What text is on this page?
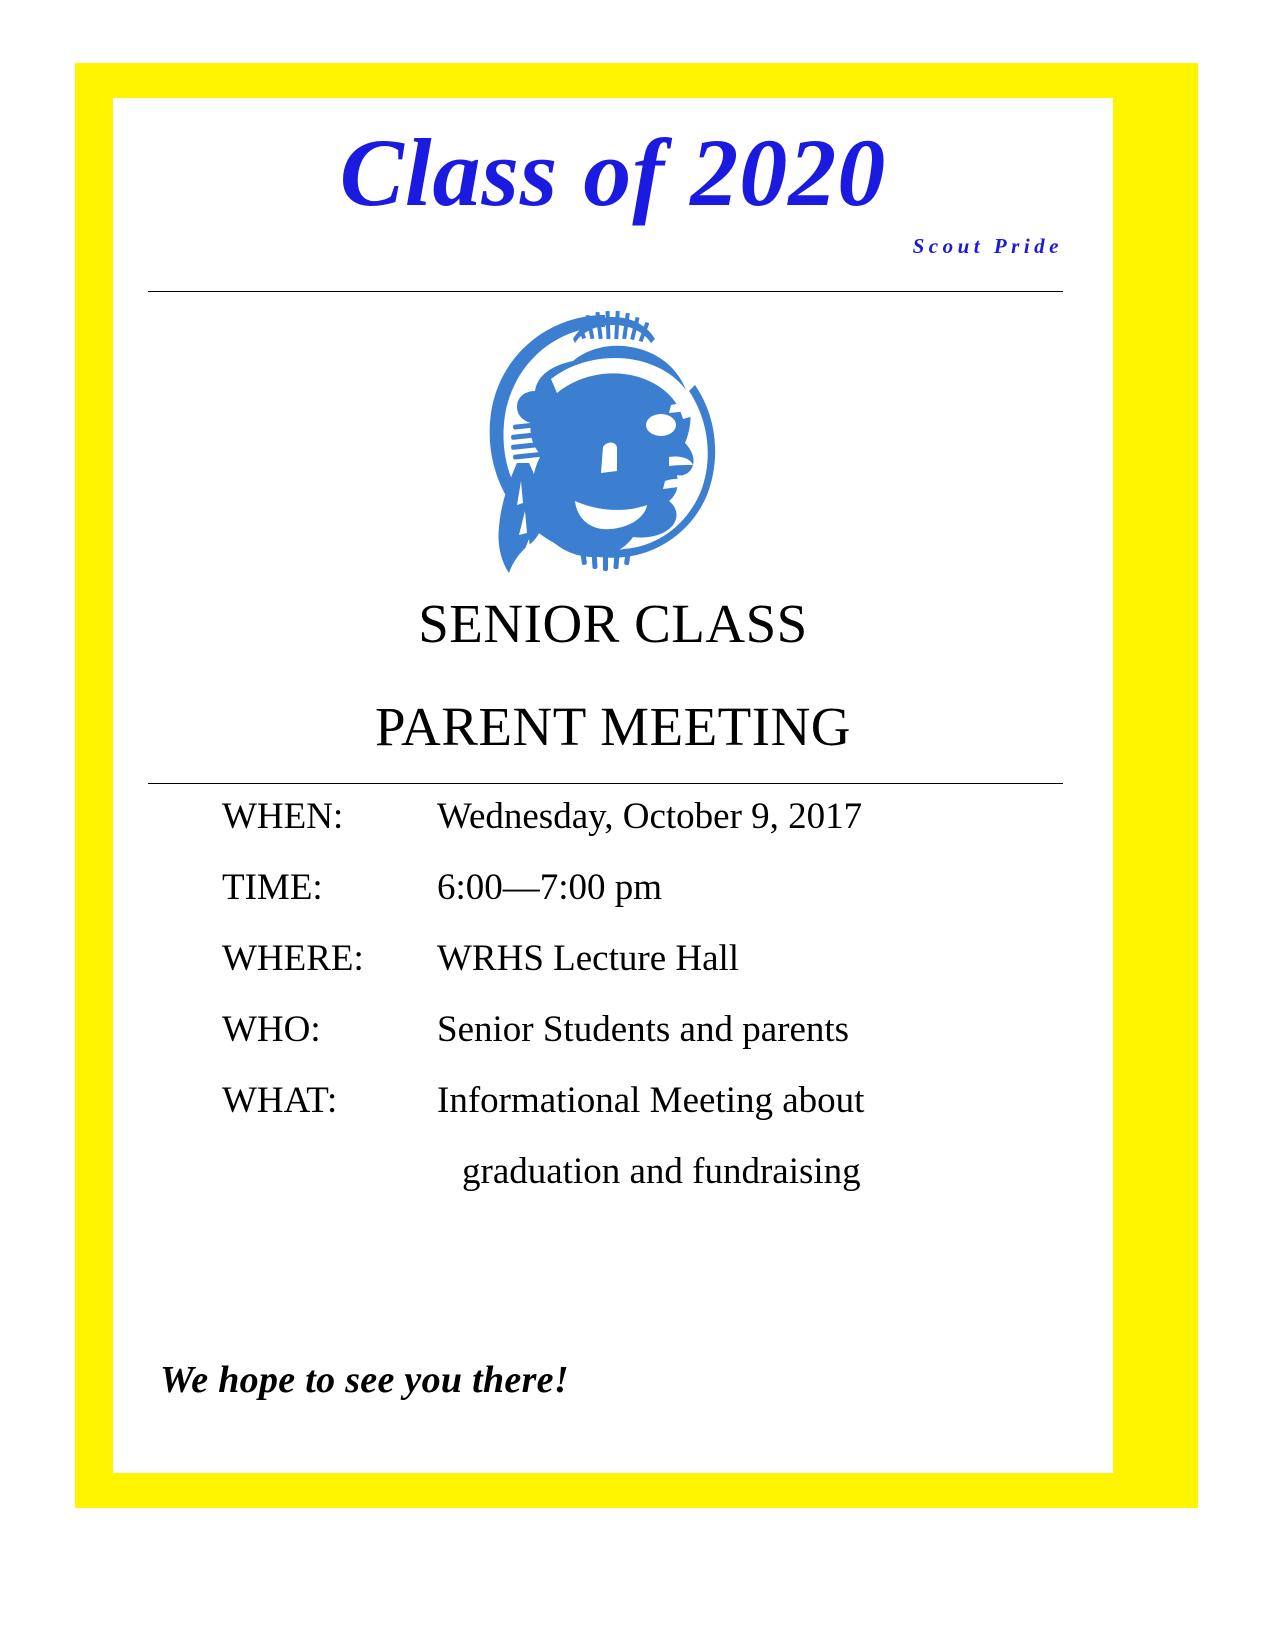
Class of 2020
Scout Pride
SENIOR CLASS
PARENT MEETING
WHEN:	Wednesday, October 9, 2017
TIME:	6:00—7:00 pm
WHERE:	WRHS Lecture Hall
WHO:	Senior Students and parents
WHAT:	Informational Meeting about
graduation and fundraising
We hope to see you there!
